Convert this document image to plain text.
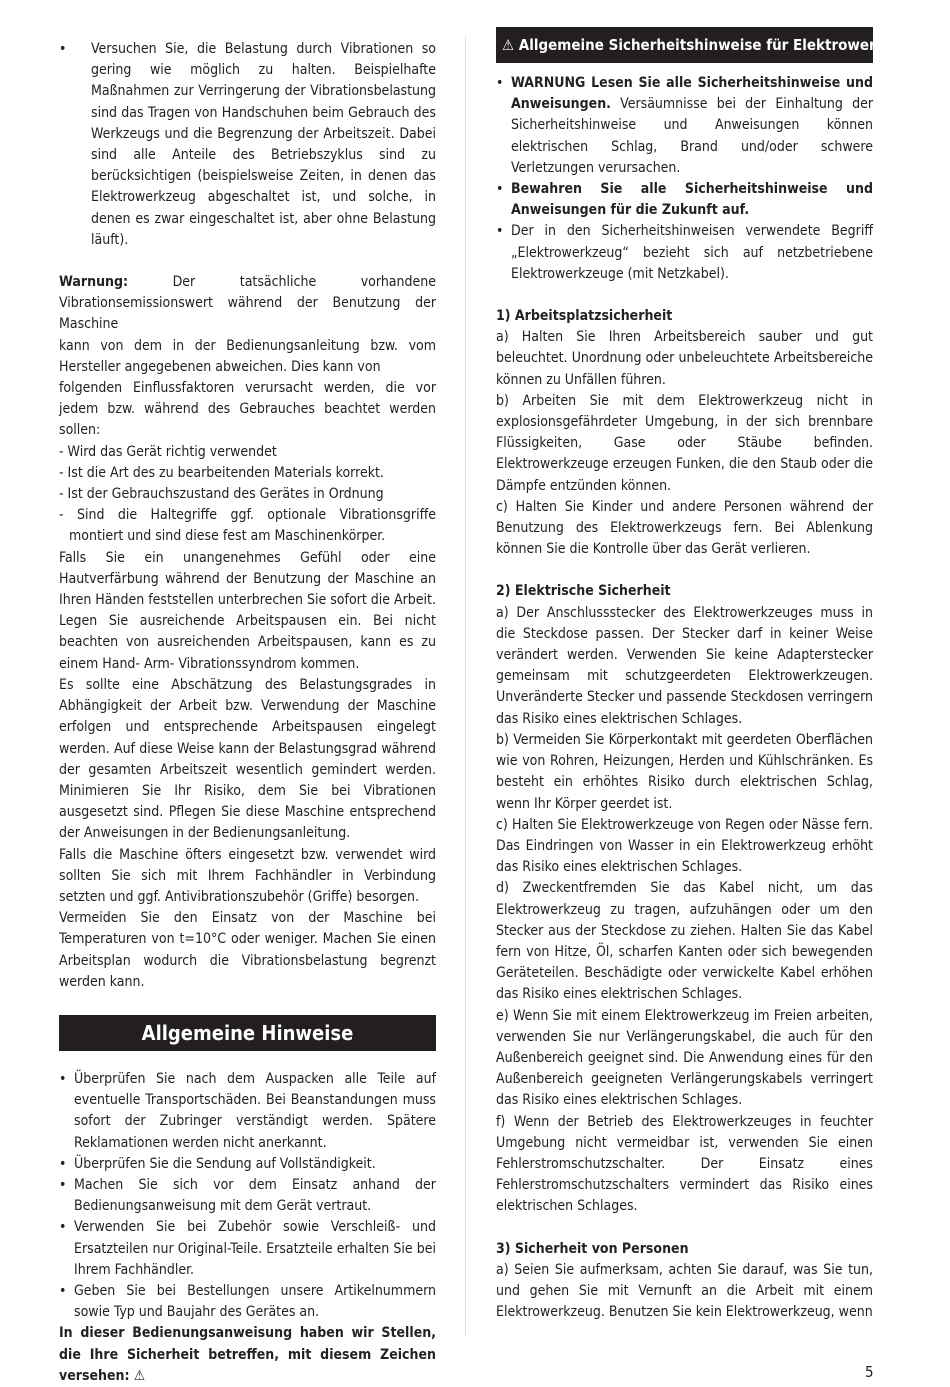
• Versuchen Sie, die Belastung durch Vibrationen so gering wie möglich zu halten. Beispielhafte Maßnahmen zur Verringerung der Vibrationsbelastung sind das Tragen von Handschuhen beim Gebrauch des Werkzeugs und die Begrenzung der Arbeitszeit. Dabei sind alle Anteile des Betriebszyklus sind zu berücksichtigen (beispielsweise Zeiten, in denen das Elektrowerkzeug abgeschaltet ist, und solche, in denen es zwar eingeschaltet ist, aber ohne Belastung läuft).

Warnung: Der tatsächliche vorhandene Vibrationsemissionswert während der Benutzung der Maschine

kann von dem in der Bedienungsanleitung bzw. vom Hersteller angegebenen abweichen. Dies kann von

folgenden Einflussfaktoren verursacht werden, die vor jedem bzw. während des Gebrauches beachtet werden sollen:

- Wird das Gerät richtig verwendet
- Ist die Art des zu bearbeitenden Materials korrekt.
- Ist der Gebrauchszustand des Gerätes in Ordnung
- Sind die Haltegriffe ggf. optionale Vibrationsgriffe montiert und sind diese fest am Maschinenkörper.

Falls Sie ein unangenehmes Gefühl oder eine Hautverfärbung während der Benutzung der Maschine an Ihren Händen feststellen unterbrechen Sie sofort die Arbeit. Legen Sie ausreichende Arbeitspausen ein. Bei nicht beachten von ausreichenden Arbeitspausen, kann es zu einem Hand- Arm- Vibrationssyndrom kommen.

Es sollte eine Abschätzung des Belastungsgrades in Abhängigkeit der Arbeit bzw. Verwendung der Maschine erfolgen und entsprechende Arbeitspausen eingelegt werden. Auf diese Weise kann der Belastungsgrad während der gesamten Arbeitszeit wesentlich gemindert werden. Minimieren Sie Ihr Risiko, dem Sie bei Vibrationen ausgesetzt sind. Pflegen Sie diese Maschine entsprechend der Anweisungen in der Bedienungsanleitung.

Falls die Maschine öfters eingesetzt bzw. verwendet wird sollten Sie sich mit Ihrem Fachhändler in Verbindung setzten und ggf. Antivibrationszubehör (Griffe) besorgen.

Vermeiden Sie den Einsatz von der Maschine bei Temperaturen von t=10°C oder weniger. Machen Sie einen Arbeitsplan wodurch die Vibrationsbelastung begrenzt werden kann.

Allgemeine Hinweise
• Überprüfen Sie nach dem Auspacken alle Teile auf eventuelle Transportschäden. Bei Beanstandungen muss sofort der Zubringer verständigt werden. Spätere Reklamationen werden nicht anerkannt.
• Überprüfen Sie die Sendung auf Vollständigkeit.
• Machen Sie sich vor dem Einsatz anhand der Bedienungsanweisung mit dem Gerät vertraut.
• Verwenden Sie bei Zubehör sowie Verschleiß- und Ersatzteilen nur Original-Teile. Ersatzteile erhalten Sie bei Ihrem Fachhändler.
• Geben Sie bei Bestellungen unsere Artikelnummern sowie Typ und Baujahr des Gerätes an.

In dieser Bedienungsanweisung haben wir Stellen, die Ihre Sicherheit betreffen, mit diesem Zeichen versehen: ⚠

⚠ Allgemeine Sicherheitshinweise für Elektrowerkzeuge
• WARNUNG Lesen Sie alle Sicherheitshinweise und Anweisungen. Versäumnisse bei der Einhaltung der Sicherheitshinweise und Anweisungen können elektrischen Schlag, Brand und/oder schwere Verletzungen verursachen.
• Bewahren Sie alle Sicherheitshinweise und Anweisungen für die Zukunft auf.
• Der in den Sicherheitshinweisen verwendete Begriff „Elektrowerkzeug“ bezieht sich auf netzbetriebene Elektrowerkzeuge (mit Netzkabel).

1) Arbeitsplatzsicherheit

a) Halten Sie Ihren Arbeitsbereich sauber und gut beleuchtet. Unordnung oder unbeleuchtete Arbeitsbereiche können zu Unfällen führen.

b) Arbeiten Sie mit dem Elektrowerkzeug nicht in explosionsgefährdeter Umgebung, in der sich brennbare Flüssigkeiten, Gase oder Stäube befinden. Elektrowerkzeuge erzeugen Funken, die den Staub oder die Dämpfe entzünden können.

c) Halten Sie Kinder und andere Personen während der Benutzung des Elektrowerkzeugs fern. Bei Ablenkung können Sie die Kontrolle über das Gerät verlieren.

2) Elektrische Sicherheit

a) Der Anschlussstecker des Elektrowerkzeuges muss in die Steckdose passen. Der Stecker darf in keiner Weise verändert werden. Verwenden Sie keine Adapterstecker gemeinsam mit schutzgeerdeten Elektrowerkzeugen. Unveränderte Stecker und passende Steckdosen verringern das Risiko eines elektrischen Schlages.

b) Vermeiden Sie Körperkontakt mit geerdeten Oberflächen wie von Rohren, Heizungen, Herden und Kühlschränken. Es besteht ein erhöhtes Risiko durch elektrischen Schlag, wenn Ihr Körper geerdet ist.

c) Halten Sie Elektrowerkzeuge von Regen oder Nässe fern. Das Eindringen von Wasser in ein Elektrowerkzeug erhöht das Risiko eines elektrischen Schlages.

d) Zweckentfremden Sie das Kabel nicht, um das Elektrowerkzeug zu tragen, aufzuhängen oder um den Stecker aus der Steckdose zu ziehen. Halten Sie das Kabel fern von Hitze, Öl, scharfen Kanten oder sich bewegenden Geräteteilen. Beschädigte oder verwickelte Kabel erhöhen das Risiko eines elektrischen Schlages.

e) Wenn Sie mit einem Elektrowerkzeug im Freien arbeiten, verwenden Sie nur Verlängerungskabel, die auch für den Außenbereich geeignet sind. Die Anwendung eines für den Außenbereich geeigneten Verlängerungskabels verringert das Risiko eines elektrischen Schlages.

f) Wenn der Betrieb des Elektrowerkzeuges in feuchter Umgebung nicht vermeidbar ist, verwenden Sie einen Fehlerstromschutzschalter. Der Einsatz eines Fehlerstromschutzschalters vermindert das Risiko eines elektrischen Schlages.

3) Sicherheit von Personen

a) Seien Sie aufmerksam, achten Sie darauf, was Sie tun, und gehen Sie mit Vernunft an die Arbeit mit einem Elektrowerkzeug. Benutzen Sie kein Elektrowerkzeug, wenn

5
